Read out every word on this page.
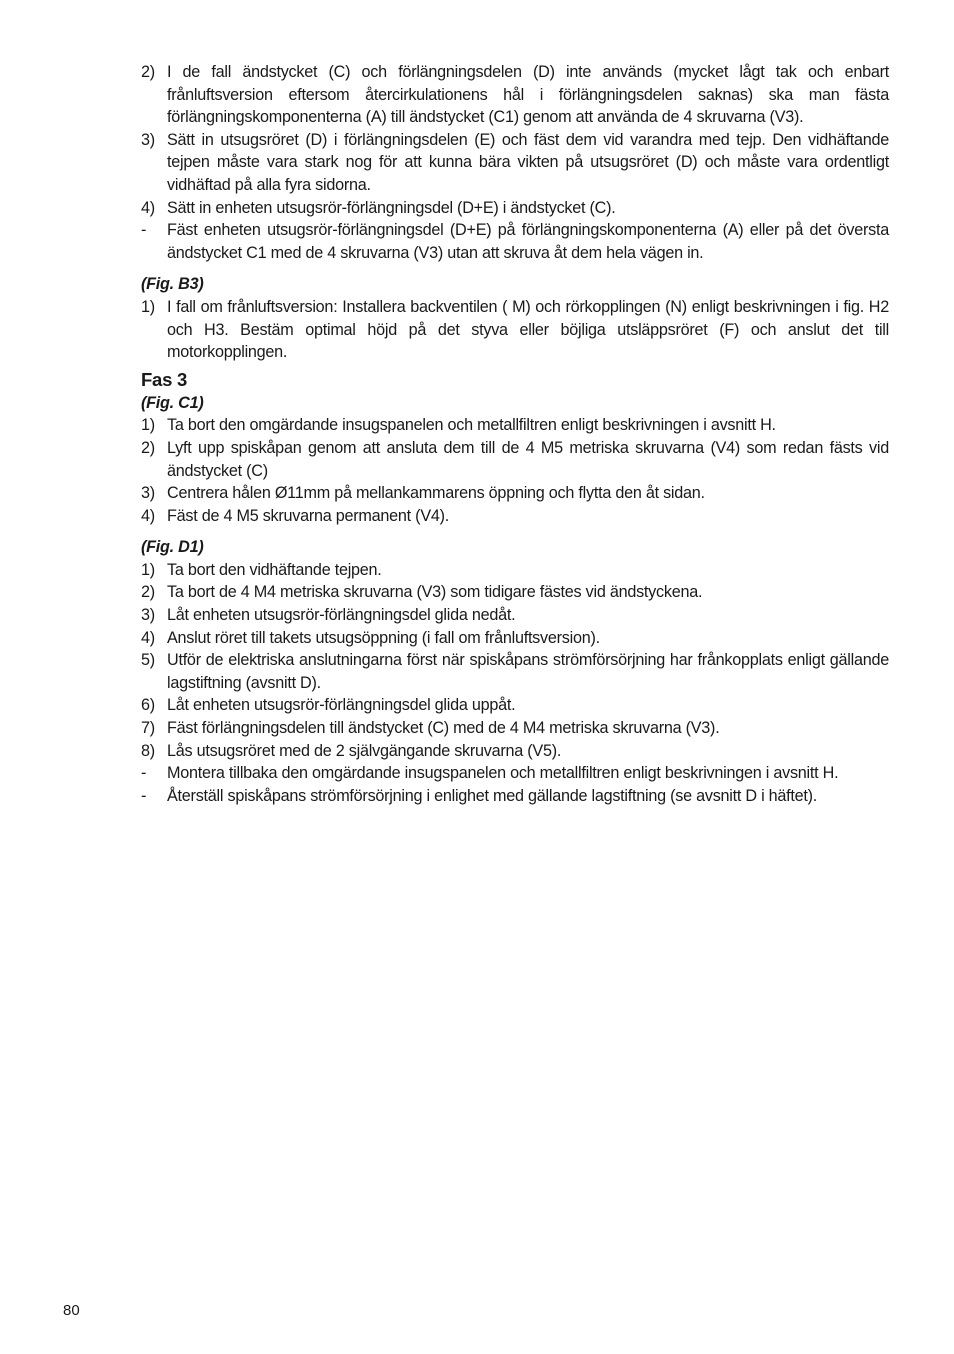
2) I de fall ändstycket (C) och förlängningsdelen (D) inte används (mycket lågt tak och enbart frånluftsversion eftersom återcirkulationens hål i förlängningsdelen saknas) ska man fästa förlängningskomponenterna (A) till ändstycket (C1) genom att använda de 4 skruvarna (V3).
3) Sätt in utsugsröret (D) i förlängningsdelen (E) och fäst dem vid varandra med tejp. Den vidhäftande tejpen måste vara stark nog för att kunna bära vikten på utsugsröret (D) och måste vara ordentligt vidhäftad på alla fyra sidorna.
4) Sätt in enheten utsugsrör-förlängningsdel (D+E) i ändstycket (C).
-	Fäst enheten utsugsrör-förlängningsdel (D+E) på förlängningskomponenterna (A) eller på det översta ändstycket C1 med de 4 skruvarna (V3) utan att skruva åt dem hela vägen in.
(Fig. B3)
1) I fall om frånluftsversion: Installera backventilen ( M) och rörkopplingen (N) enligt beskrivningen i fig. H2 och H3. Bestäm optimal höjd på det styva eller böjliga utsläppsröret (F) och anslut det till motorkopplingen.
Fas 3
(Fig. C1)
1) Ta bort den omgärdande insugspanelen och metallfiltren enligt beskrivningen i avsnitt H.
2) Lyft upp spiskåpan genom att ansluta dem till de 4 M5 metriska skruvarna (V4) som redan fästs vid ändstycket (C)
3) Centrera hålen Ø11mm på mellankammarens öppning och flytta den åt sidan.
4) Fäst de 4 M5 skruvarna permanent (V4).
(Fig. D1)
1) Ta bort den vidhäftande tejpen.
2) Ta bort de 4 M4 metriska skruvarna (V3) som tidigare fästes vid ändstyckena.
3) Låt enheten utsugsrör-förlängningsdel glida nedåt.
4) Anslut röret till takets utsugsöppning (i fall om frånluftsversion).
5) Utför de elektriska anslutningarna först när spiskåpans strömförsörjning har frånkopplats enligt gällande lagstiftning (avsnitt D).
6) Låt enheten utsugsrör-förlängningsdel glida uppåt.
7) Fäst förlängningsdelen till ändstycket (C) med de 4 M4 metriska skruvarna (V3).
8) Lås utsugsröret med de 2 självgängande skruvarna (V5).
-	Montera tillbaka den omgärdande insugspanelen och metallfiltren enligt beskrivningen i avsnitt H.
-	Återställ spiskåpans strömförsörjning i enlighet med gällande lagstiftning (se avsnitt D i häftet).
80
